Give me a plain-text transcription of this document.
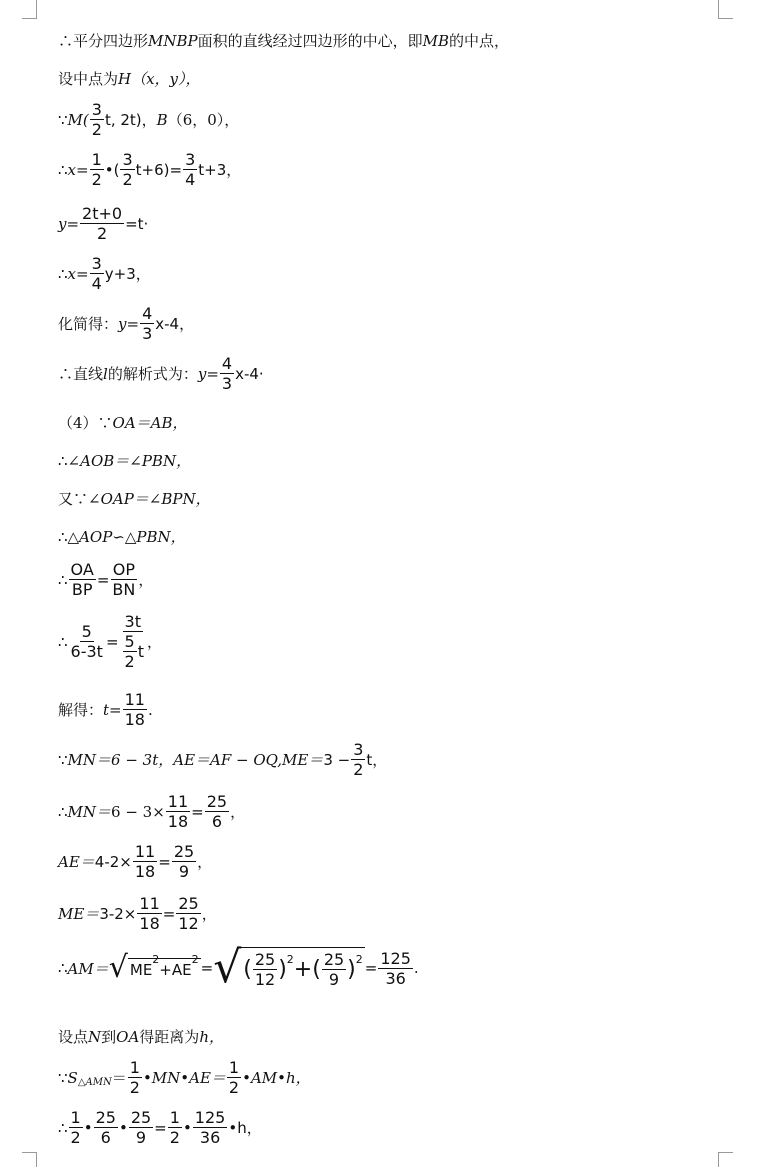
∴平分四边形 MNBP 面积的直线经过四边形的中心，即 MB 的中点，
设中点为 H（x，y），
∵ $M( \frac{3}{2} t$, 2t) ， B （6，0），
∴ $x= \frac{1}{2}$ •( $\frac{3}{2} t+6)= \frac{3}{4} t+3$，
$y= \frac{2t+0}{2} =t\cdot$
∴ $x= \frac{3}{4} y+3$，
化简得： $y= \frac{4}{3} x-4$，
∴直线 l 的解析式为： $y= \frac{4}{3} x-4\cdot$
（4）∵ OA＝AB，
∴ ∠AOB＝∠PBN，
又∵ ∠OAP＝∠BPN，
∴ △AOP∽△PBN，
∴ $\frac{OA}{BP} = \frac{OP}{BN}$ ，
∴ $\frac{5}{6-3t} = \frac{3t}{\frac{5}{2} t}$ ，
解得： $t= \frac{11}{18}$ .
∵ MN＝6 − 3t，$AE=AF - OQ,ME= 3 - \frac{3}{2}$ t，
∴ $MN= 6 - 3\times \frac{11}{18} = \frac{25}{6}$ ，
$AE= 4-2\times \frac{11}{18} = \frac{25}{9}$ ，
$ME= 3-2\times \frac{11}{18} = \frac{25}{12}$ ，
∴ AM＝ √ ME
2
+AE
2 = √ ( $\frac{25}{12}$ ) 2 +( $\frac{25}{9}$ ) $2 = \frac{125}{36}$ .
设点 N 到 OA 得距离为 h，
∵ S △AMN ＝ $\frac{1}{2}$ •MN•AE＝ $\frac{1}{2}$ •AM•h，
∴ $\frac{1}{2}$ • $\frac{25}{6}$ • $\frac{25}{9} = \frac{1}{2}$ • $\frac{125}{36}$ •h，
